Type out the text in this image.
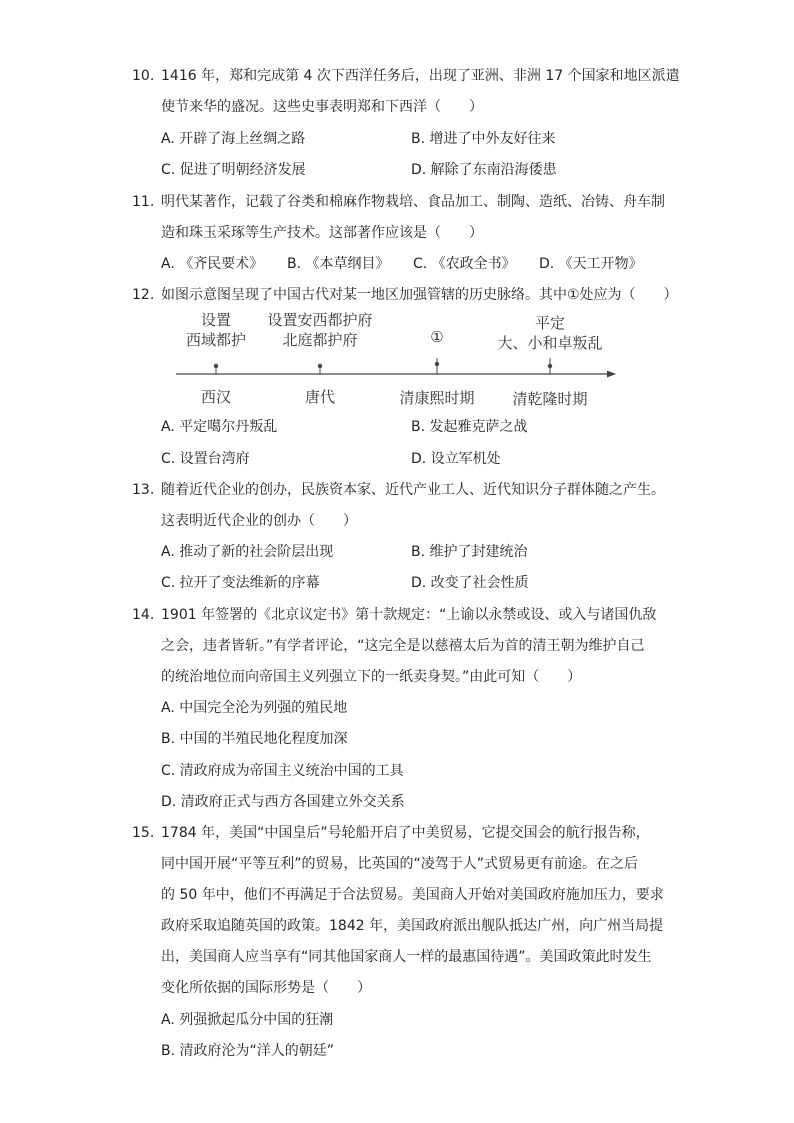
10. 1416 年，郑和完成第 4 次下西洋任务后，出现了亚洲、非洲 17 个国家和地区派遣
使节来华的盛况。这些史事表明郑和下西洋（　　）
A. 开辟了海上丝绸之路	B. 增进了中外友好往来
C. 促进了明朝经济发展	D. 解除了东南沿海倭患
11. 明代某著作，记载了谷类和棉麻作物栽培、食品加工、制陶、造纸、冶铸、舟车制
造和珠玉采琢等生产技术。这部著作应该是（　　）
A. 《齐民要术》 B. 《本草纲目》 C. 《农政全书》 D. 《天工开物》
12. 如图示意图呈现了中国古代对某一地区加强管辖的历史脉络。其中①处应为（　　）
设置
西域都护
设置安西都护府
北庭都护府	①
平定
大、小和卓叛乱
西汉	唐代	清康熙时期	清乾隆时期
A. 平定噶尔丹叛乱	B. 发起雅克萨之战
C. 设置台湾府	D. 设立军机处
13. 随着近代企业的创办，民族资本家、近代产业工人、近代知识分子群体随之产生。
这表明近代企业的创办（　　）
A. 推动了新的社会阶层出现	B. 维护了封建统治
C. 拉开了变法维新的序幕	D. 改变了社会性质
14. 1901 年签署的《北京议定书》第十款规定：“上谕以永禁或设、或入与诸国仇敌
之会，违者皆斩。”有学者评论，“这完全是以慈禧太后为首的清王朝为维护自己
的统治地位而向帝国主义列强立下的一纸卖身契。”由此可知（　　）
A. 中国完全沦为列强的殖民地
B. 中国的半殖民地化程度加深
C. 清政府成为帝国主义统治中国的工具
D. 清政府正式与西方各国建立外交关系
15. 1784 年，美国“中国皇后”号轮船开启了中美贸易，它提交国会的航行报告称，
同中国开展“平等互利”的贸易，比英国的“凌驾于人”式贸易更有前途。在之后
的 50 年中，他们不再满足于合法贸易。美国商人开始对美国政府施加压力，要求
政府采取追随英国的政策。1842 年，美国政府派出舰队抵达广州，向广州当局提
出，美国商人应当享有“同其他国家商人一样的最惠国待遇”。美国政策此时发生
变化所依据的国际形势是（　　）
A. 列强掀起瓜分中国的狂潮
B. 清政府沦为“洋人的朝廷”
